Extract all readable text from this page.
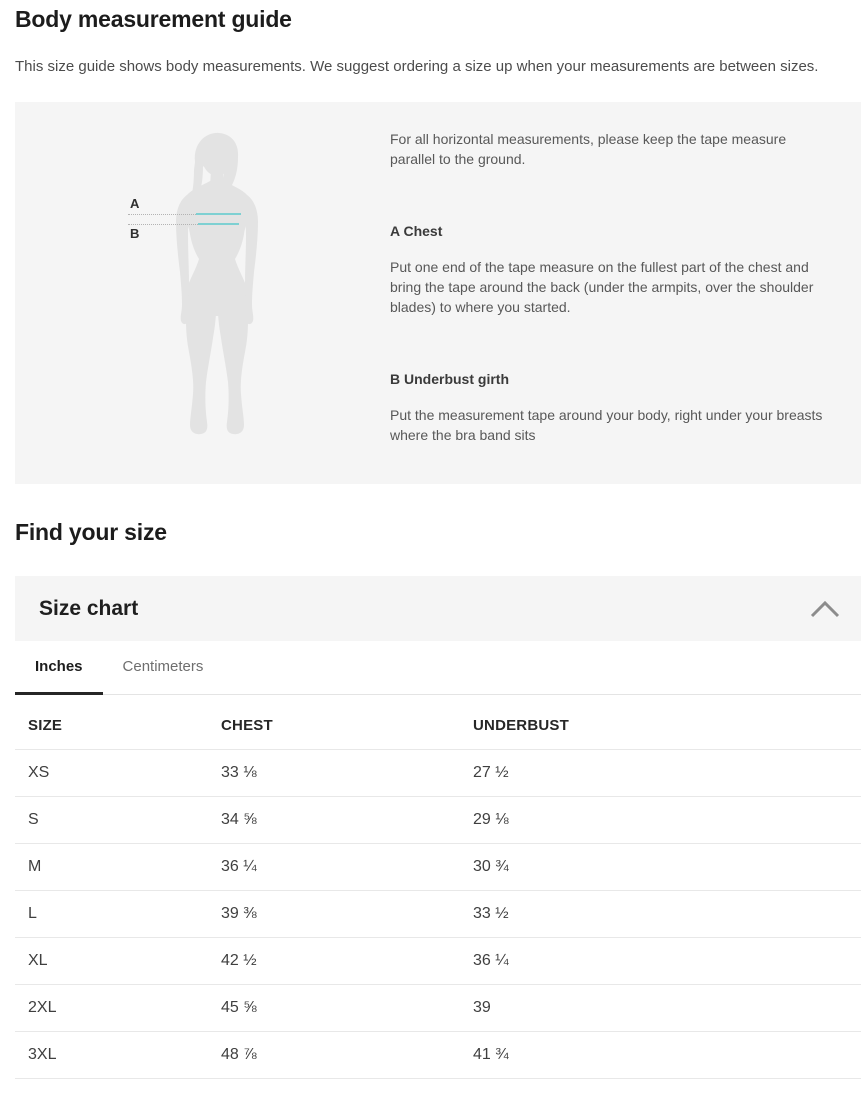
Body measurement guide

This size guide shows body measurements. We suggest ordering a size up when your measurements are between sizes.

A
B

For all horizontal measurements, please keep the tape measure parallel to the ground.

A Chest

Put one end of the tape measure on the fullest part of the chest and bring the tape around the back (under the armpits, over the shoulder blades) to where you started.

B Underbust girth

Put the measurement tape around your body, right under your breasts where the bra band sits

Find your size
Size chart
Inches	Centimeters
SIZE	CHEST	UNDERBUST
XS	33 ⅛	27 ½
S	34 ⅝	29 ⅛
M	36 ¼	30 ¾
L	39 ⅜	33 ½
XL	42 ½	36 ¼
2XL	45 ⅝	39
3XL	48 ⅞	41 ¾
